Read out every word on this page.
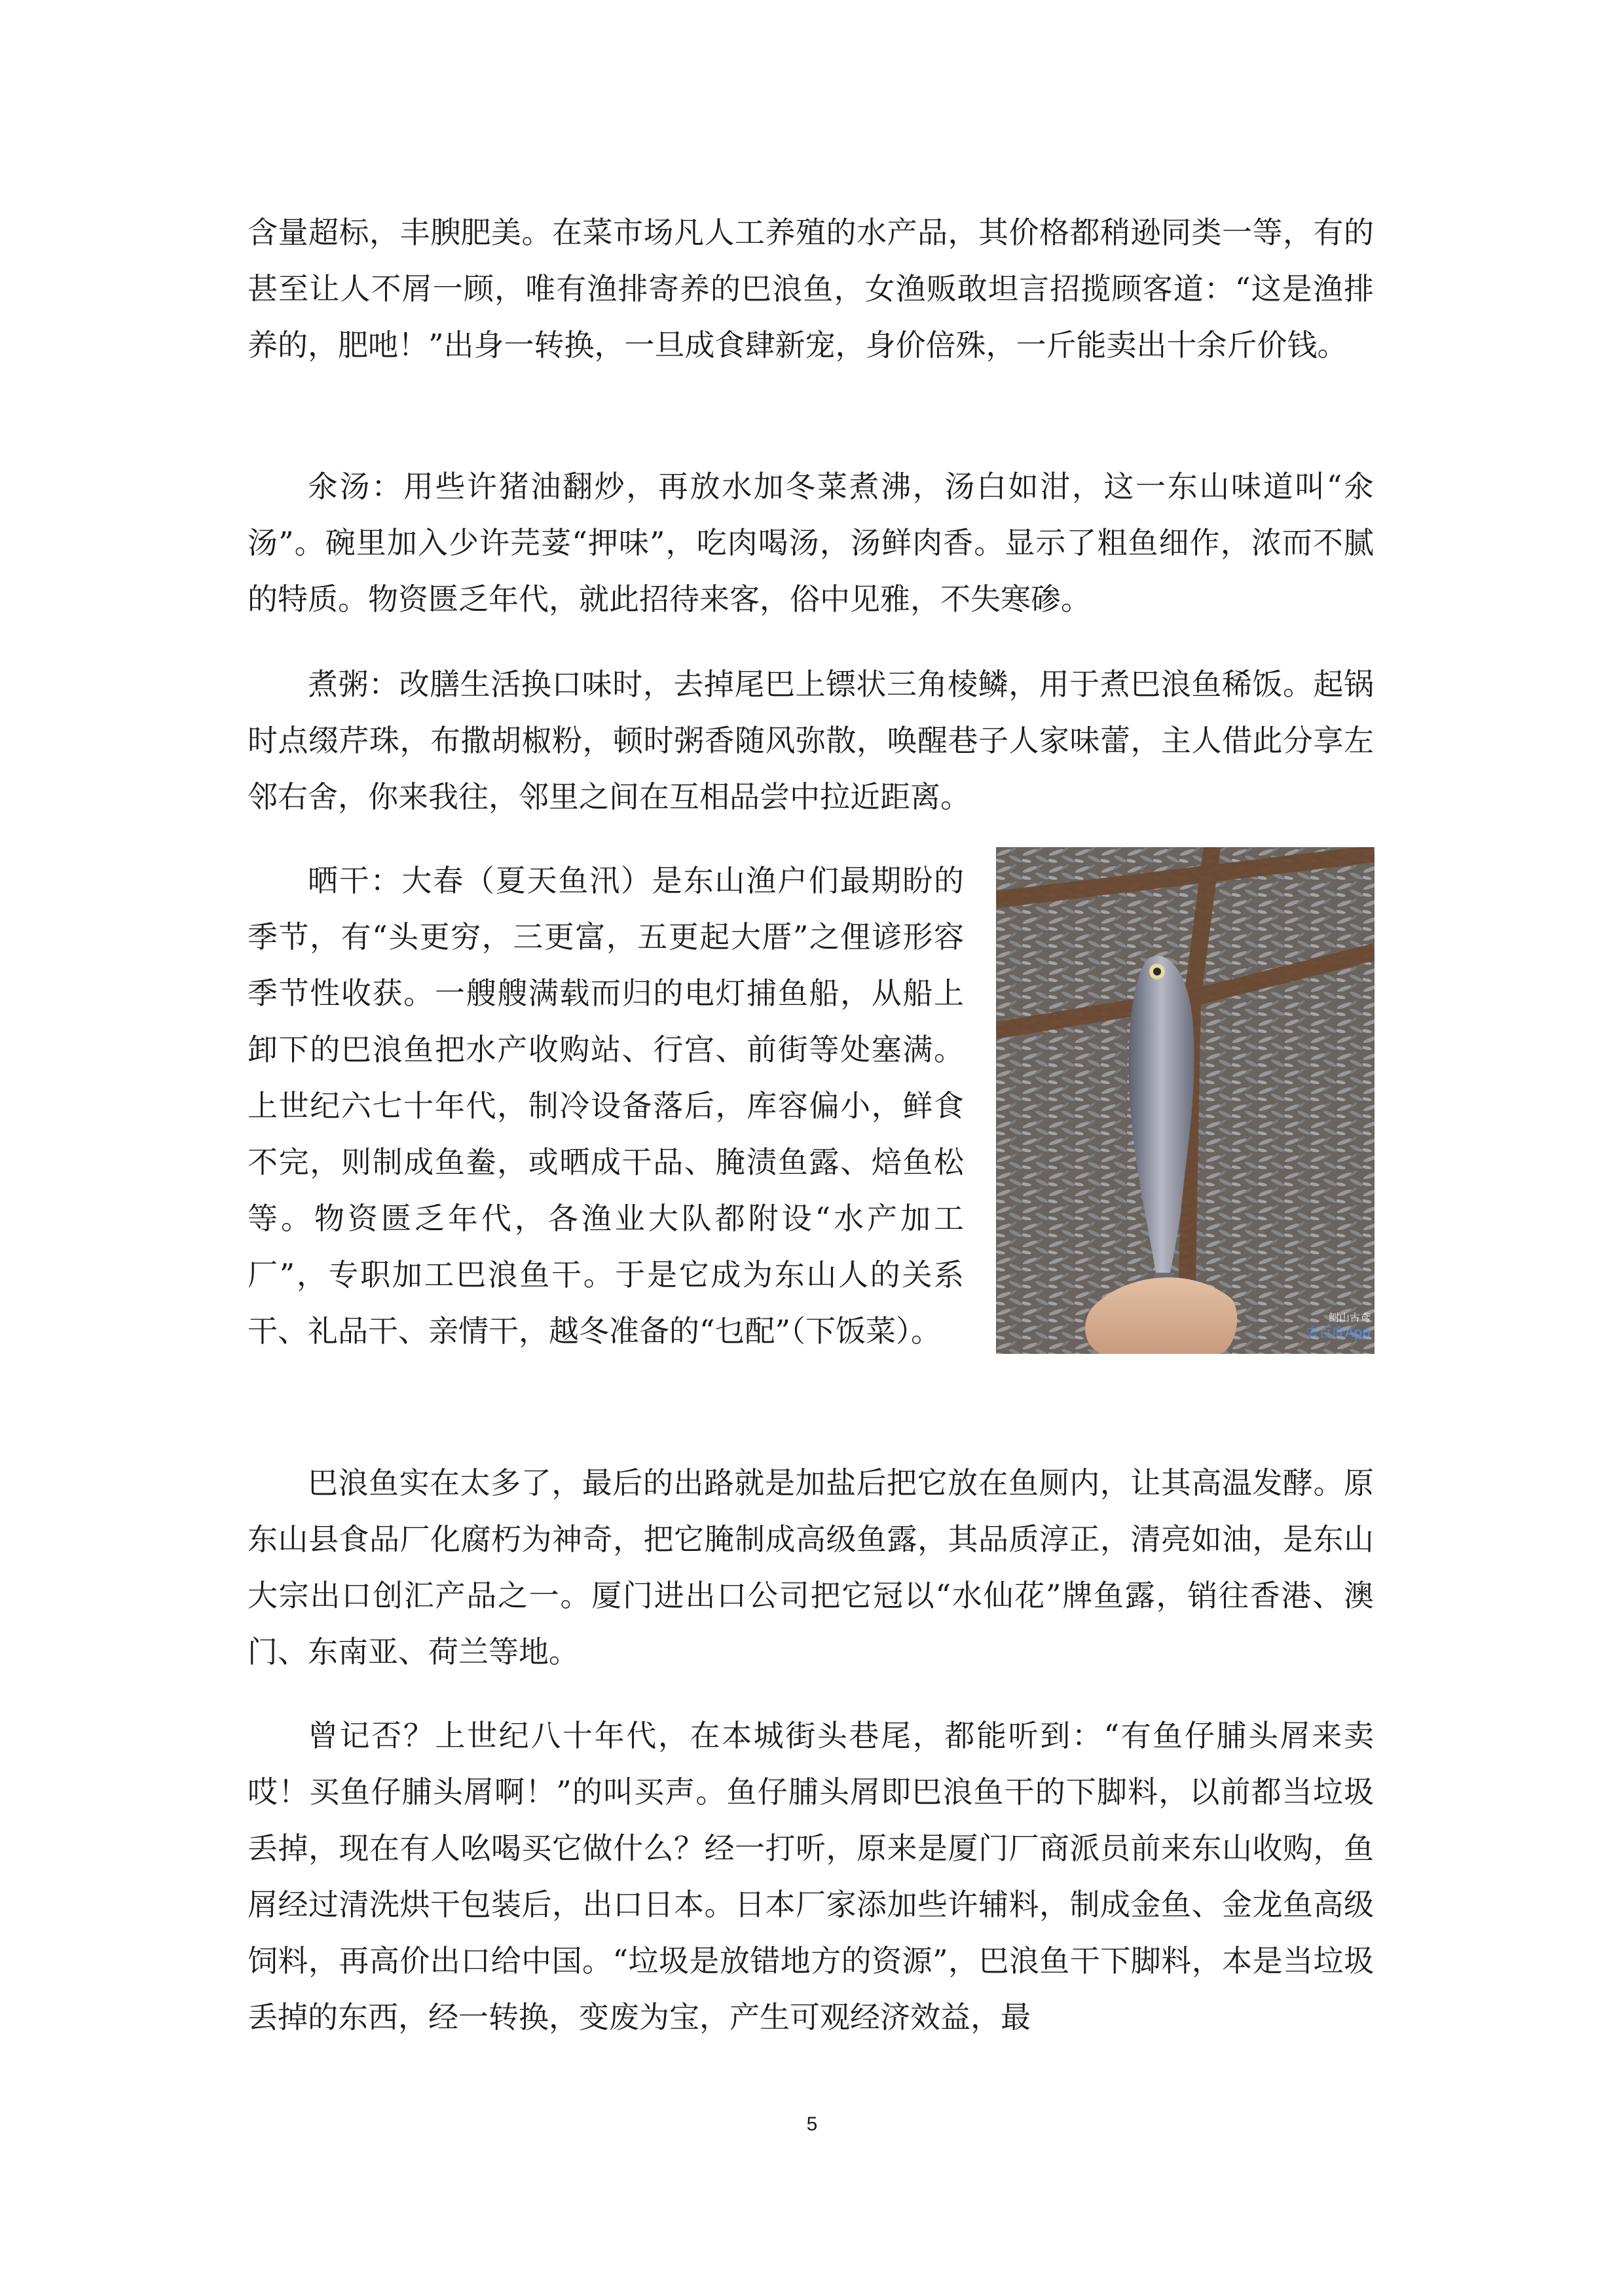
含量超标，丰腴肥美。在菜市场凡人工养殖的水产品，其价格都稍逊同类一等，有的甚至让人不屑一顾，唯有渔排寄养的巴浪鱼，女渔贩敢坦言招揽顾客道：“这是渔排养的，肥吔！”出身一转换，一旦成食肆新宠，身价倍殊，一斤能卖出十余斤价钱。

氽汤：用些许猪油翻炒，再放水加冬菜煮沸，汤白如泔，这一东山味道叫“氽汤”。碗里加入少许芫荽“押味”，吃肉喝汤，汤鲜肉香。显示了粗鱼细作，浓而不腻的特质。物资匮乏年代，就此招待来客，俗中见雅，不失寒碜。

煮粥：改膳生活换口味时，去掉尾巴上镖状三角棱鳞，用于煮巴浪鱼稀饭。起锅时点缀芹珠，布撒胡椒粉，顿时粥香随风弥散，唤醒巷子人家味蕾，主人借此分享左邻右舍，你来我往，邻里之间在互相品尝中拉近距离。

晒干：大春（夏天鱼汛）是东山渔户们最期盼的季节，有“头更穷，三更富，五更起大厝”之俚谚形容季节性收获。一艘艘满载而归的电灯捕鱼船，从船上卸下的巴浪鱼把水产收购站、行宫、前街等处塞满。上世纪六七十年代，制冷设备落后，库容偏小，鲜食不完，则制成鱼鲞，或晒成干品、腌渍鱼露、焙鱼松等。物资匮乏年代，各渔业大队都附设“水产加工厂”，专职加工巴浪鱼干。于是它成为东山人的关系干、礼品干、亲情干，越冬准备的“乜配”（下饭菜）。	鲥山古鸢
去百度App

巴浪鱼实在太多了，最后的出路就是加盐后把它放在鱼厕内，让其高温发酵。原东山县食品厂化腐朽为神奇，把它腌制成高级鱼露，其品质淳正，清亮如油，是东山大宗出口创汇产品之一。厦门进出口公司把它冠以“水仙花”牌鱼露，销往香港、澳门、东南亚、荷兰等地。

曾记否？上世纪八十年代，在本城街头巷尾，都能听到：“有鱼仔脯头屑来卖哎！买鱼仔脯头屑啊！”的叫买声。鱼仔脯头屑即巴浪鱼干的下脚料，以前都当垃圾丢掉，现在有人吆喝买它做什么？经一打听，原来是厦门厂商派员前来东山收购，鱼屑经过清洗烘干包装后，出口日本。日本厂家添加些许辅料，制成金鱼、金龙鱼高级饲料，再高价出口给中国。“垃圾是放错地方的资源”，巴浪鱼干下脚料，本是当垃圾丢掉的东西，经一转换，变废为宝，产生可观经济效益，最

5
